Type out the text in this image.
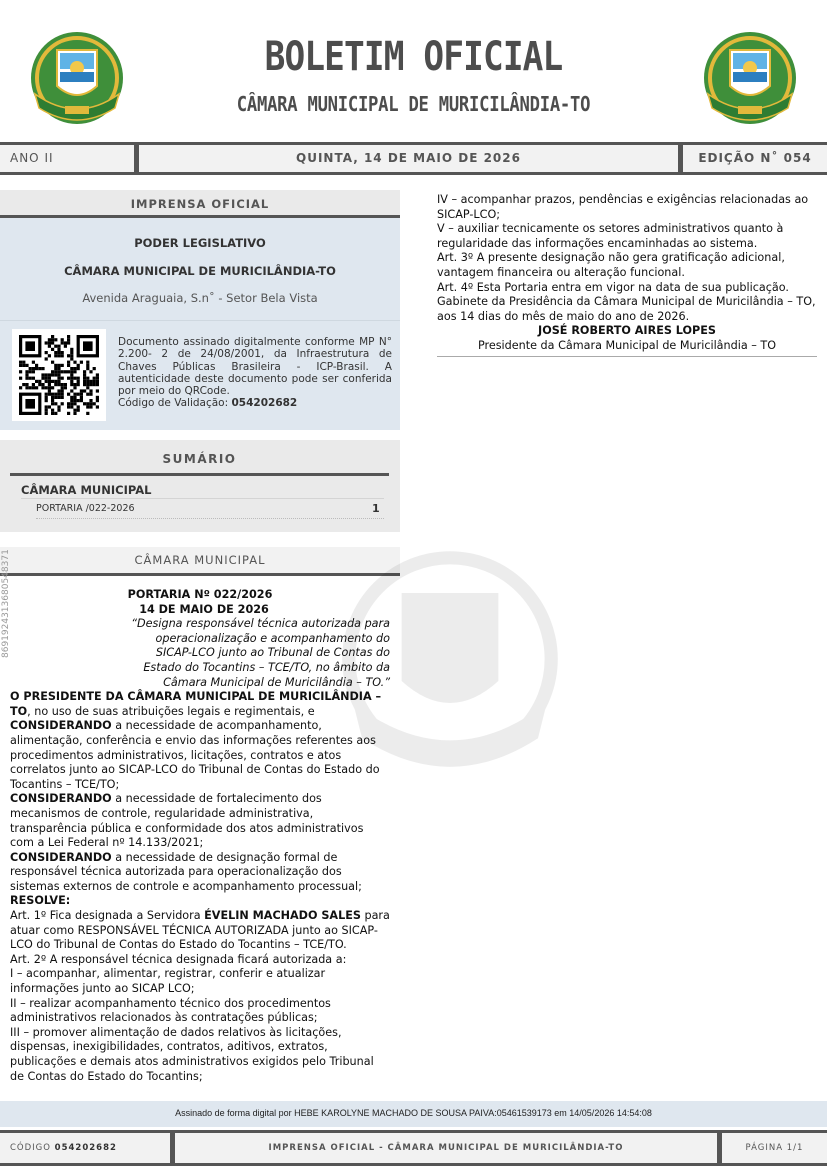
BOLETIM OFICIAL
CÂMARA MUNICIPAL DE MURICILÂNDIA-TO
ANO II	QUINTA, 14 DE MAIO DE 2026	EDIÇÃO N˚ 054
IMPRENSA OFICIAL
PODER LEGISLATIVO
CÂMARA MUNICIPAL DE MURICILÂNDIA-TO
Avenida Araguaia, S.n˚ - Setor Bela Vista
Documento assinado digitalmente conforme MP N° 2.200- 2 de 24/08/2001, da Infraestrutura de Chaves Públicas Brasileira - ICP-Brasil. A autenticidade deste documento pode ser conferida por meio do QRCode.
Código de Validação: 054202682
SUMÁRIO
CÂMARA MUNICIPAL
PORTARIA /022-2026	1
CÂMARA MUNICIPAL
8691924313680548371	PORTARIA Nº 022/2026
14 DE MAIO DE 2026

“Designa responsável técnica autorizada para operacionalização e acompanhamento do SICAP-LCO junto ao Tribunal de Contas do Estado do Tocantins – TCE/TO, no âmbito da Câmara Municipal de Muricilândia – TO.”

O PRESIDENTE DA CÂMARA MUNICIPAL DE MURICILÂNDIA – TO, no uso de suas atribuições legais e regimentais, e

CONSIDERANDO a necessidade de acompanhamento, alimentação, conferência e envio das informações referentes aos procedimentos administrativos, licitações, contratos e atos correlatos junto ao SICAP-LCO do Tribunal de Contas do Estado do Tocantins – TCE/TO;

CONSIDERANDO a necessidade de fortalecimento dos mecanismos de controle, regularidade administrativa, transparência pública e conformidade dos atos administrativos com a Lei Federal nº 14.133/2021;

CONSIDERANDO a necessidade de designação formal de responsável técnica autorizada para operacionalização dos sistemas externos de controle e acompanhamento processual;

RESOLVE:

Art. 1º Fica designada a Servidora ÉVELIN MACHADO SALES para atuar como RESPONSÁVEL TÉCNICA AUTORIZADA junto ao SICAP-LCO do Tribunal de Contas do Estado do Tocantins – TCE/TO.

Art. 2º A responsável técnica designada ficará autorizada a:

I – acompanhar, alimentar, registrar, conferir e atualizar informações junto ao SICAP LCO;

II – realizar acompanhamento técnico dos procedimentos administrativos relacionados às contratações públicas;

III – promover alimentação de dados relativos às licitações, dispensas, inexigibilidades, contratos, aditivos, extratos, publicações e demais atos administrativos exigidos pelo Tribunal de Contas do Estado do Tocantins;

IV – acompanhar prazos, pendências e exigências relacionadas ao SICAP-LCO;

V – auxiliar tecnicamente os setores administrativos quanto à regularidade das informações encaminhadas ao sistema.

Art. 3º A presente designação não gera gratificação adicional, vantagem financeira ou alteração funcional.

Art. 4º Esta Portaria entra em vigor na data de sua publicação.

Gabinete da Presidência da Câmara Municipal de Muricilândia – TO, aos 14 dias do mês de maio do ano de 2026.

JOSÉ ROBERTO AIRES LOPES

Presidente da Câmara Municipal de Muricilândia – TO

Assinado de forma digital por HEBE KAROLYNE MACHADO DE SOUSA PAIVA:05461539173 em 14/05/2026 14:54:08
CÓDIGO 054202682	IMPRENSA OFICIAL - CÂMARA MUNICIPAL DE MURICILÂNDIA-TO	PÁGINA 1/1
